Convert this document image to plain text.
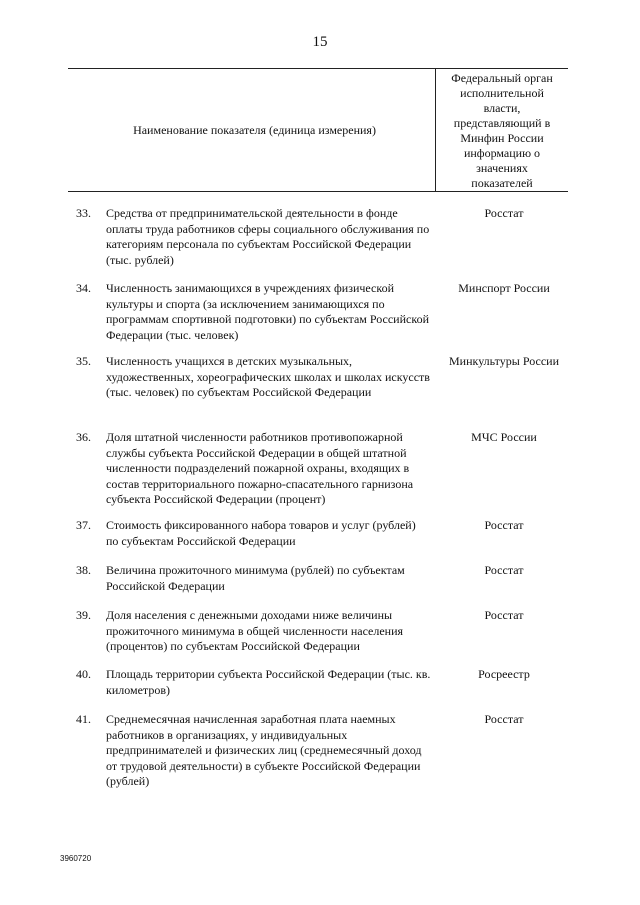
15
Наименование показателя (единица измерения)
Федеральный орган
исполнительной
власти,
представляющий в
Минфин России
информацию о
значениях
показателей
33. Средства от предпринимательской деятельности в фонде оплаты труда работников сферы социального обслуживания по категориям персонала по субъектам Российской Федерации (тыс. рублей)
Росстат
34. Численность занимающихся в учреждениях физической культуры и спорта (за исключением занимающихся по программам спортивной подготовки) по субъектам Российской Федерации (тыс. человек)
Минспорт России
35. Численность учащихся в детских музыкальных, художественных, хореографических школах и школах искусств (тыс. человек) по субъектам Российской Федерации
Минкультуры России
36. Доля штатной численности работников противопожарной службы субъекта Российской Федерации в общей штатной численности подразделений пожарной охраны, входящих в состав территориального пожарно-спасательного гарнизона субъекта Российской Федерации (процент)
МЧС России
37. Стоимость фиксированного набора товаров и услуг (рублей) по субъектам Российской Федерации
Росстат
38. Величина прожиточного минимума (рублей) по субъектам Российской Федерации
Росстат
39. Доля населения с денежными доходами ниже величины прожиточного минимума в общей численности населения (процентов) по субъектам Российской Федерации
Росстат
40. Площадь территории субъекта Российской Федерации (тыс. кв. километров)
Росреестр
41. Среднемесячная начисленная заработная плата наемных работников в организациях, у индивидуальных предпринимателей и физических лиц (среднемесячный доход от трудовой деятельности) в субъекте Российской Федерации (рублей)
Росстат
3960720
